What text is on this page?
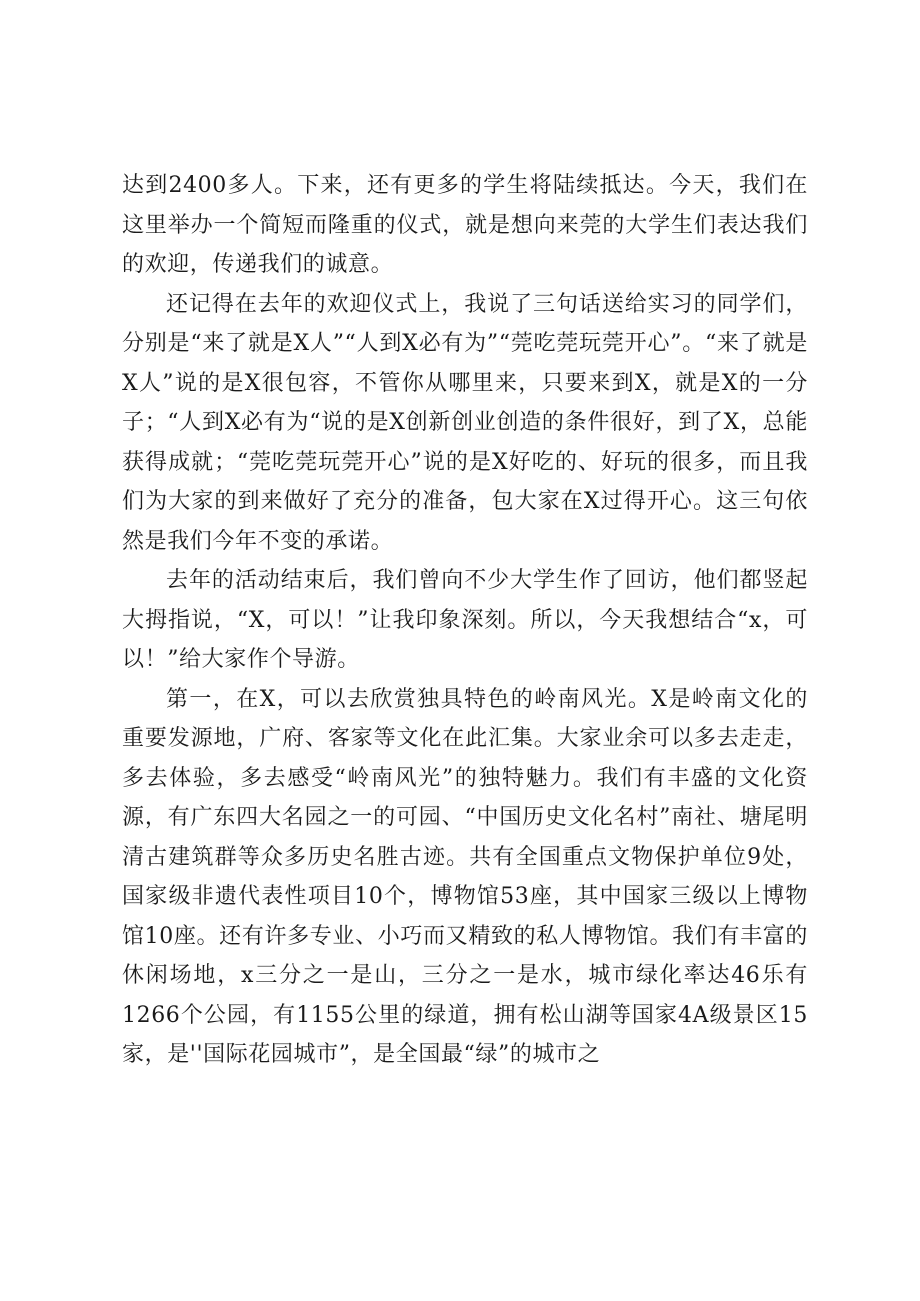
达到2400多人。下来，还有更多的学生将陆续抵达。今天，我们在这里举办一个简短而隆重的仪式，就是想向来莞的大学生们表达我们的欢迎，传递我们的诚意。

还记得在去年的欢迎仪式上，我说了三句话送给实习的同学们，分别是“来了就是X人”“人到X必有为”“莞吃莞玩莞开心”。“来了就是X人”说的是X很包容，不管你从哪里来，只要来到X，就是X的一分子；“人到X必有为“说的是X创新创业创造的条件很好，到了X，总能获得成就；“莞吃莞玩莞开心”说的是X好吃的、好玩的很多，而且我们为大家的到来做好了充分的准备，包大家在X过得开心。这三句依然是我们今年不变的承诺。

去年的活动结束后，我们曾向不少大学生作了回访，他们都竖起大拇指说，“X，可以！”让我印象深刻。所以，今天我想结合“x，可以！”给大家作个导游。

第一，在X，可以去欣赏独具特色的岭南风光。X是岭南文化的重要发源地，广府、客家等文化在此汇集。大家业余可以多去走走，多去体验，多去感受“岭南风光”的独特魅力。我们有丰盛的文化资源，有广东四大名园之一的可园、“中国历史文化名村”南社、塘尾明清古建筑群等众多历史名胜古迹。共有全国重点文物保护单位9处，国家级非遗代表性项目10个，博物馆53座，其中国家三级以上博物馆10座。还有许多专业、小巧而又精致的私人博物馆。我们有丰富的休闲场地，x三分之一是山，三分之一是水，城市绿化率达46乐有1266个公园，有1155公里的绿道，拥有松山湖等国家4A级景区15家，是''国际花园城市”，是全国最“绿”的城市之
